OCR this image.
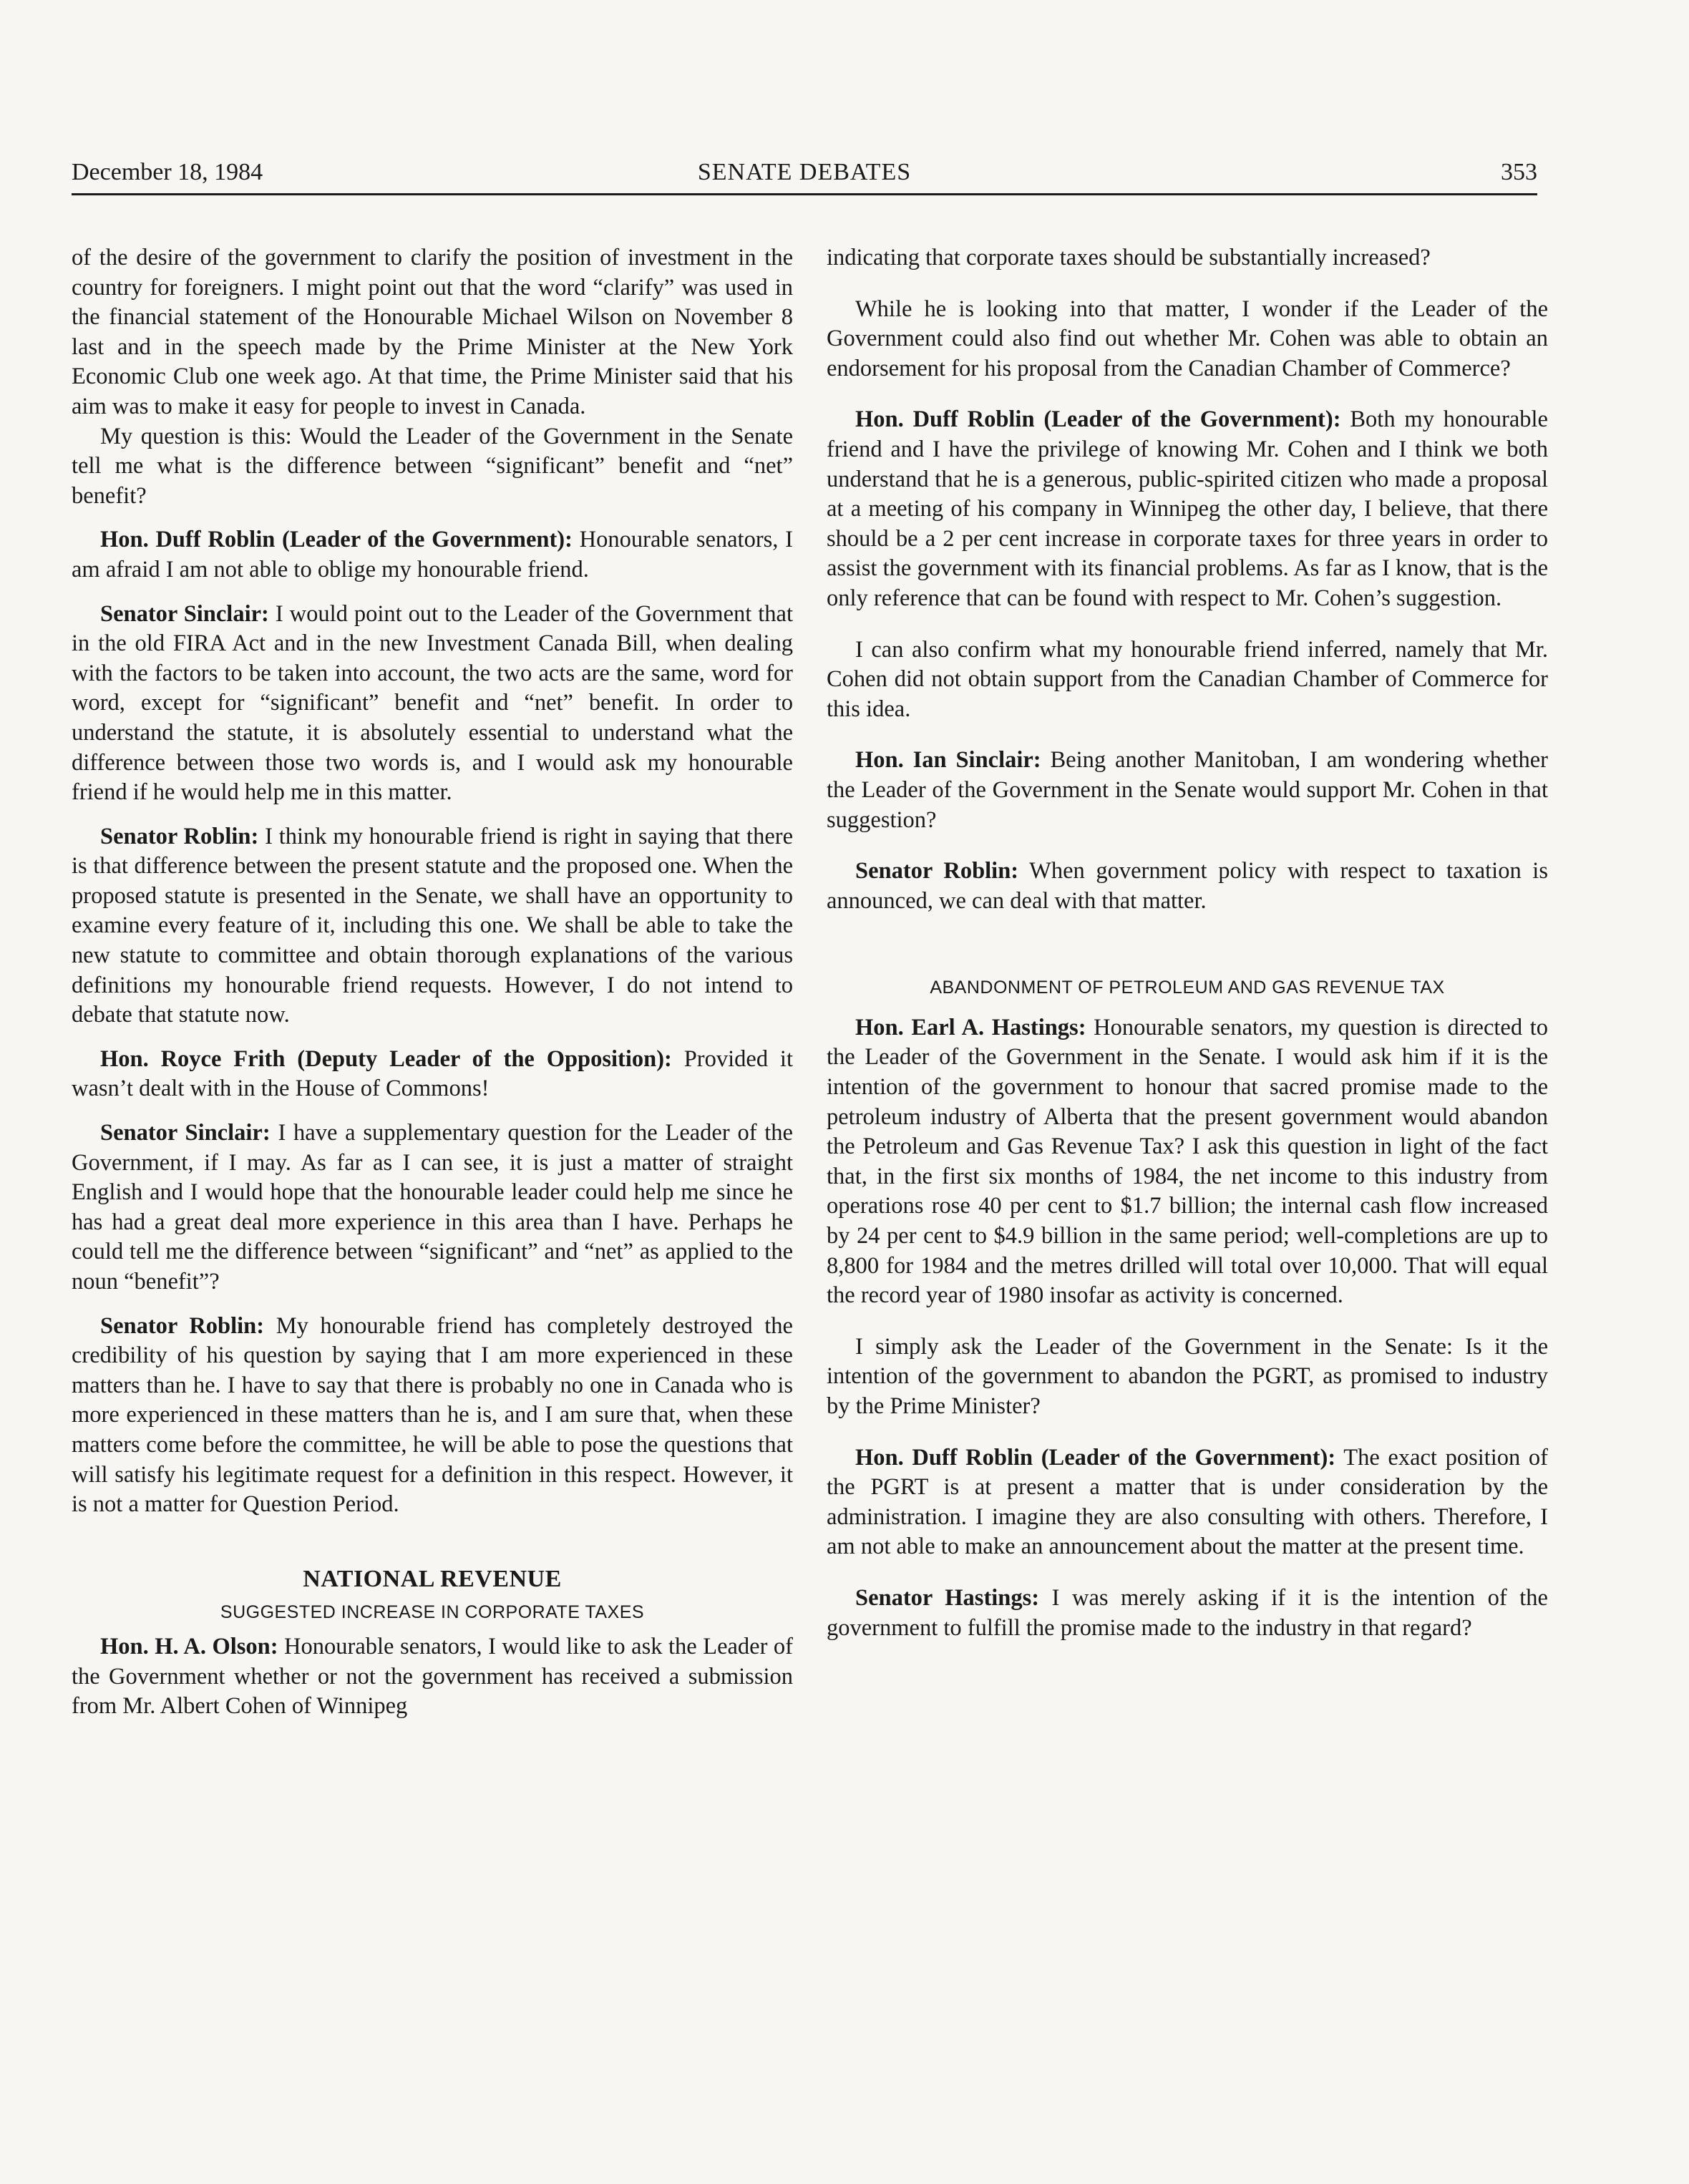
December 18, 1984	SENATE DEBATES	353

of the desire of the government to clarify the position of investment in the country for foreigners. I might point out that the word “clarify” was used in the financial statement of the Honourable Michael Wilson on November 8 last and in the speech made by the Prime Minister at the New York Economic Club one week ago. At that time, the Prime Minister said that his aim was to make it easy for people to invest in Canada.

My question is this: Would the Leader of the Government in the Senate tell me what is the difference between “significant” benefit and “net” benefit?

Hon. Duff Roblin (Leader of the Government): Honourable senators, I am afraid I am not able to oblige my honourable friend.

Senator Sinclair: I would point out to the Leader of the Government that in the old FIRA Act and in the new Investment Canada Bill, when dealing with the factors to be taken into account, the two acts are the same, word for word, except for “significant” benefit and “net” benefit. In order to understand the statute, it is absolutely essential to understand what the difference between those two words is, and I would ask my honourable friend if he would help me in this matter.

Senator Roblin: I think my honourable friend is right in saying that there is that difference between the present statute and the proposed one. When the proposed statute is presented in the Senate, we shall have an opportunity to examine every feature of it, including this one. We shall be able to take the new statute to committee and obtain thorough explanations of the various definitions my honourable friend requests. However, I do not intend to debate that statute now.

Hon. Royce Frith (Deputy Leader of the Opposition): Provided it wasn’t dealt with in the House of Commons!

Senator Sinclair: I have a supplementary question for the Leader of the Government, if I may. As far as I can see, it is just a matter of straight English and I would hope that the honourable leader could help me since he has had a great deal more experience in this area than I have. Perhaps he could tell me the difference between “significant” and “net” as applied to the noun “benefit”?

Senator Roblin: My honourable friend has completely destroyed the credibility of his question by saying that I am more experienced in these matters than he. I have to say that there is probably no one in Canada who is more experienced in these matters than he is, and I am sure that, when these matters come before the committee, he will be able to pose the questions that will satisfy his legitimate request for a definition in this respect. However, it is not a matter for Question Period.

NATIONAL REVENUE
SUGGESTED INCREASE IN CORPORATE TAXES

Hon. H. A. Olson: Honourable senators, I would like to ask the Leader of the Government whether or not the government has received a submission from Mr. Albert Cohen of Winnipeg

indicating that corporate taxes should be substantially increased?

While he is looking into that matter, I wonder if the Leader of the Government could also find out whether Mr. Cohen was able to obtain an endorsement for his proposal from the Canadian Chamber of Commerce?

Hon. Duff Roblin (Leader of the Government): Both my honourable friend and I have the privilege of knowing Mr. Cohen and I think we both understand that he is a generous, public-spirited citizen who made a proposal at a meeting of his company in Winnipeg the other day, I believe, that there should be a 2 per cent increase in corporate taxes for three years in order to assist the government with its financial problems. As far as I know, that is the only reference that can be found with respect to Mr. Cohen’s suggestion.

I can also confirm what my honourable friend inferred, namely that Mr. Cohen did not obtain support from the Canadian Chamber of Commerce for this idea.

Hon. Ian Sinclair: Being another Manitoban, I am wondering whether the Leader of the Government in the Senate would support Mr. Cohen in that suggestion?

Senator Roblin: When government policy with respect to taxation is announced, we can deal with that matter.

ABANDONMENT OF PETROLEUM AND GAS REVENUE TAX

Hon. Earl A. Hastings: Honourable senators, my question is directed to the Leader of the Government in the Senate. I would ask him if it is the intention of the government to honour that sacred promise made to the petroleum industry of Alberta that the present government would abandon the Petroleum and Gas Revenue Tax? I ask this question in light of the fact that, in the first six months of 1984, the net income to this industry from operations rose 40 per cent to $1.7 billion; the internal cash flow increased by 24 per cent to $4.9 billion in the same period; well-completions are up to 8,800 for 1984 and the metres drilled will total over 10,000. That will equal the record year of 1980 insofar as activity is concerned.

I simply ask the Leader of the Government in the Senate: Is it the intention of the government to abandon the PGRT, as promised to industry by the Prime Minister?

Hon. Duff Roblin (Leader of the Government): The exact position of the PGRT is at present a matter that is under consideration by the administration. I imagine they are also consulting with others. Therefore, I am not able to make an announcement about the matter at the present time.

Senator Hastings: I was merely asking if it is the intention of the government to fulfill the promise made to the industry in that regard?
